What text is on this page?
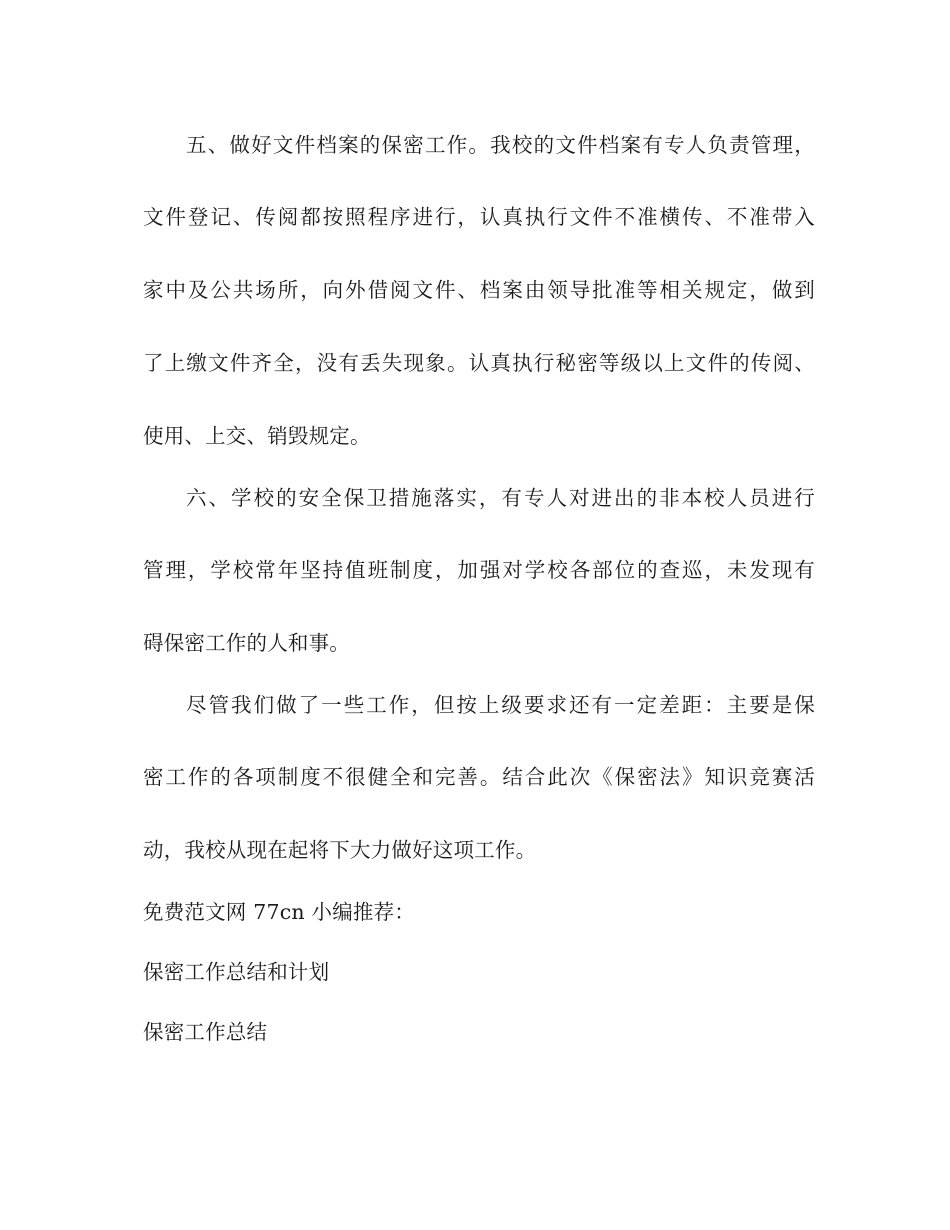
五、做好文件档案的保密工作。我校的文件档案有专人负责管理，
文件登记、传阅都按照程序进行，认真执行文件不准横传、不准带入
家中及公共场所，向外借阅文件、档案由领导批准等相关规定，做到
了上缴文件齐全，没有丢失现象。认真执行秘密等级以上文件的传阅、
使用、上交、销毁规定。
六、学校的安全保卫措施落实，有专人对进出的非本校人员进行
管理，学校常年坚持值班制度，加强对学校各部位的查巡，未发现有
碍保密工作的人和事。
尽管我们做了一些工作，但按上级要求还有一定差距：主要是保
密工作的各项制度不很健全和完善。结合此次《保密法》知识竞赛活
动，我校从现在起将下大力做好这项工作。
免费范文网 77cn 小编推荐：
保密工作总结和计划
保密工作总结
